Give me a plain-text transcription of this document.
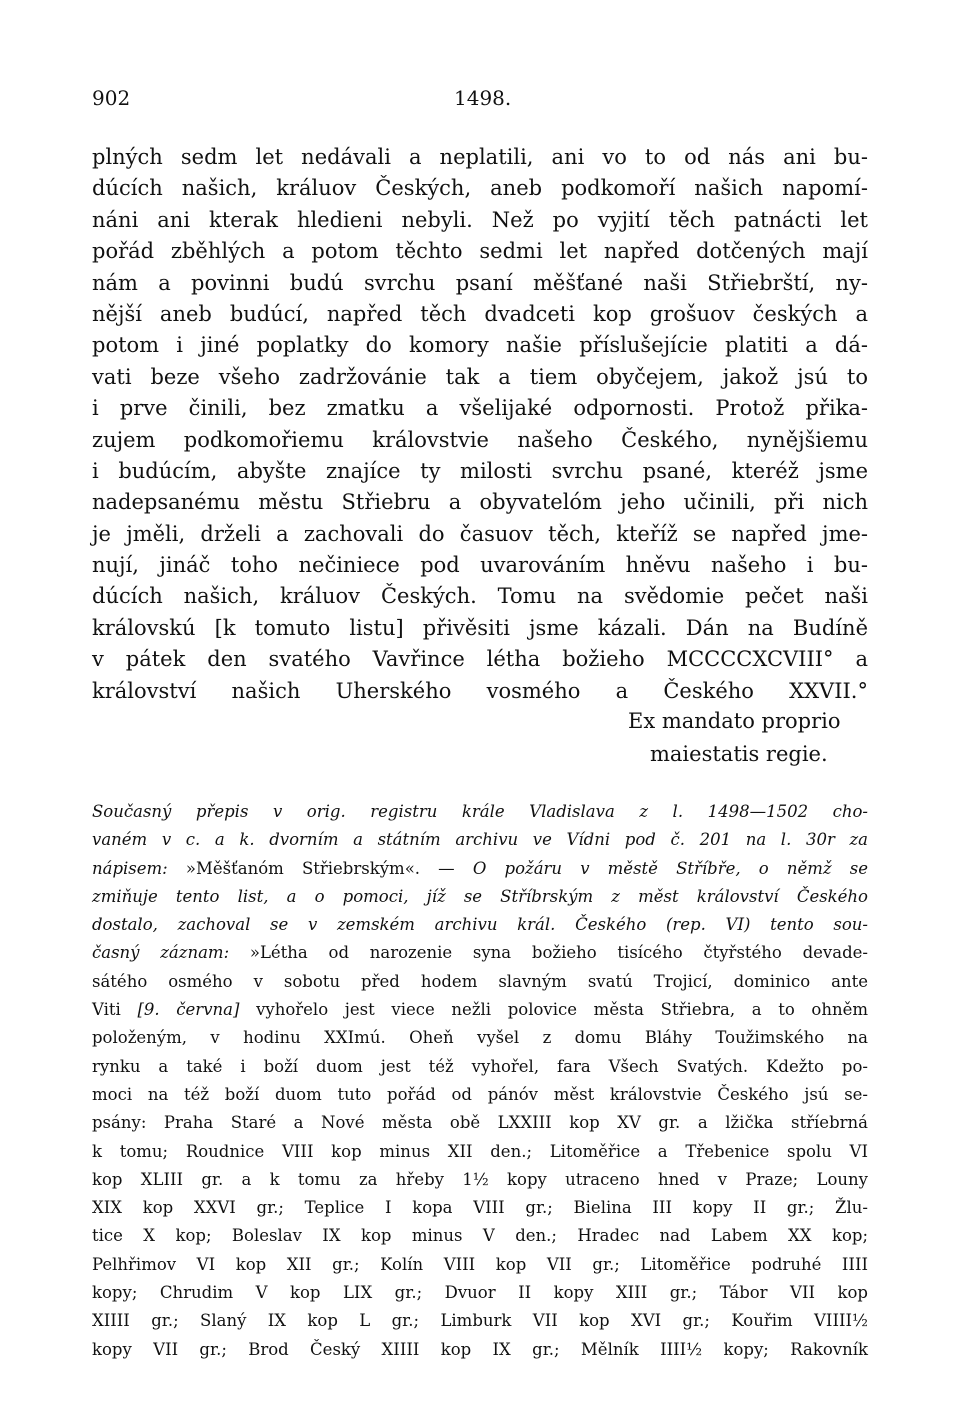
902	1498.
plných sedm let nedávali a neplatili, ani vo to od nás ani bu-
dúcích našich, králuov Českých, aneb podkomoří našich napomí-
náni ani kterak hledieni nebyli. Než po vyjití těch patnácti let
pořád zběhlých a potom těchto sedmi let napřed dotčených mají
nám a povinni budú svrchu psaní měšťané naši Střiebrští, ny-
nější aneb budúcí, napřed těch dvadceti kop grošuov českých a
potom i jiné poplatky do komory našie příslušejície platiti a dá-
vati beze všeho zadržovánie tak a tiem obyčejem, jakož jsú to
i prve činili, bez zmatku a všelijaké odpornosti. Protož přika-
zujem podkomořiemu královstvie našeho Českého, nynějšiemu
i budúcím, abyšte znajíce ty milosti svrchu psané, kteréž jsme
nadepsanému městu Střiebru a obyvatelóm jeho učinili, při nich
je jměli, drželi a zachovali do časuov těch, kteříž se napřed jme-
nují, jináč toho nečiniece pod uvarováním hněvu našeho i bu-
dúcích našich, králuov Českých. Tomu na svědomie pečet naši
královskú [k tomuto listu] přivěsiti jsme kázali. Dán na Budíně
v pátek den svatého Vavřince létha božieho MCCCCXCVIII° a
království našich Uherského vosmého a Českého XXVII.°
Ex mandato proprio
maiestatis regie.
Současný přepis v orig. registru krále Vladislava z l. 1498—1502 cho-
vaném v c. a k. dvorním a státním archivu ve Vídni pod č. 201 na l. 30r za
nápisem: »Měšťanóm Střiebrským«. — O požáru v městě Stříbře, o němž se
zmiňuje tento list, a o pomoci, jíž se Stříbrským z měst království Českého
dostalo, zachoval se v zemském archivu král. Českého (rep. VI) tento sou-
časný záznam: »Létha od narozenie syna božieho tisícého čtyřstého devade-
sátého osmého v sobotu před hodem slavným svatú Trojicí, dominico ante
Viti [9. června] vyhořelo jest viece nežli polovice města Střiebra, a to ohněm
položeným, v hodinu XXImú. Oheň vyšel z domu Bláhy Toužimského na
rynku a také i boží duom jest též vyhořel, fara Všech Svatých. Kdežto po-
moci na též boží duom tuto pořád od pánóv měst královstvie Českého jsú se-
psány: Praha Staré a Nové města obě LXXIII kop XV gr. a lžička stříebrná
k tomu; Roudnice VIII kop minus XII den.; Litoměřice a Třebenice spolu VI
kop XLIII gr. a k tomu za hřeby 1½ kopy utraceno hned v Praze; Louny
XIX kop XXVI gr.; Teplice I kopa VIII gr.; Bielina III kopy II gr.; Žlu-
tice X kop; Boleslav IX kop minus V den.; Hradec nad Labem XX kop;
Pelhřimov VI kop XII gr.; Kolín VIII kop VII gr.; Litoměřice podruhé IIII
kopy; Chrudim V kop LIX gr.; Dvuor II kopy XIII gr.; Tábor VII kop
XIIII gr.; Slaný IX kop L gr.; Limburk VII kop XVI gr.; Kouřim VIIII½
kopy VII gr.; Brod Český XIIII kop IX gr.; Mělník IIII½ kopy; Rakovník
